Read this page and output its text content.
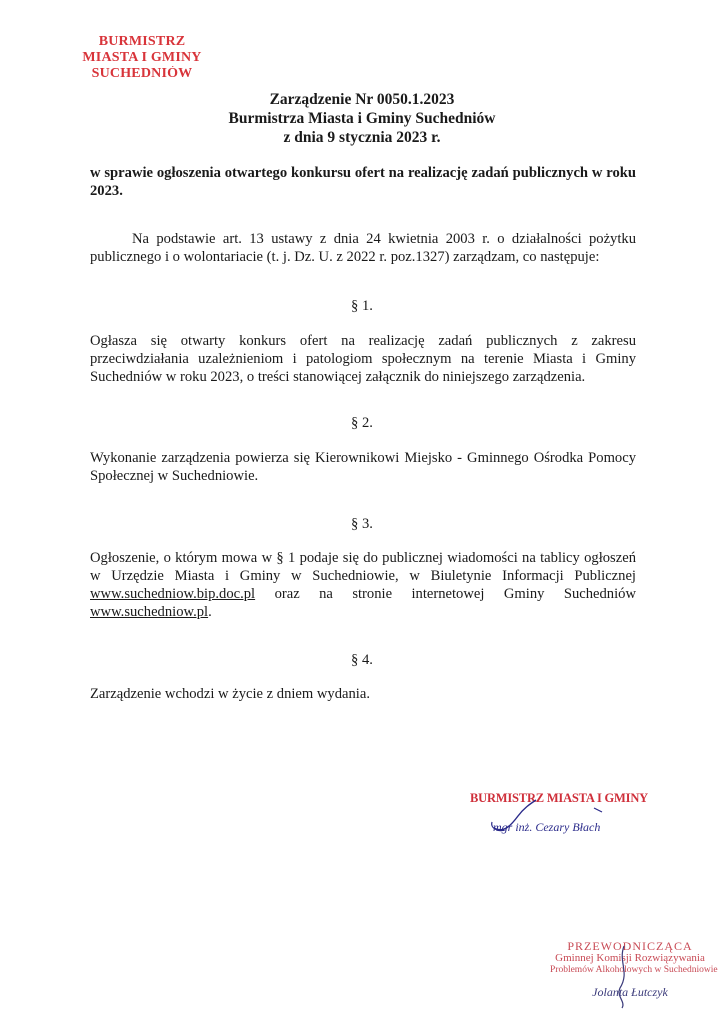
BURMISTRZ
MIASTA I GMINY
SUCHEDNIÓW
Zarządzenie Nr 0050.1.2023
Burmistrza Miasta i Gminy Suchedniów
z dnia 9 stycznia 2023 r.
w sprawie ogłoszenia otwartego konkursu ofert na realizację zadań publicznych w roku 2023.
Na podstawie art. 13 ustawy z dnia 24 kwietnia 2003 r. o działalności pożytku publicznego i o wolontariacie (t. j. Dz. U. z 2022 r. poz.1327) zarządzam, co następuje:
§ 1.
Ogłasza się otwarty konkurs ofert na realizację zadań publicznych z zakresu przeciwdziałania uzależnieniom i patologiom społecznym na terenie Miasta i Gminy Suchedniów w roku 2023, o treści stanowiącej załącznik do niniejszego zarządzenia.
§ 2.
Wykonanie zarządzenia powierza się Kierownikowi Miejsko - Gminnego Ośrodka Pomocy Społecznej w Suchedniowie.
§ 3.
Ogłoszenie, o którym mowa w § 1 podaje się do publicznej wiadomości na tablicy ogłoszeń
w Urzędzie Miasta i Gminy w Suchedniowie, w Biuletynie Informacji Publicznej
www.suchedniow.bip.doc.pl oraz na stronie internetowej Gminy Suchedniów
www.suchedniow.pl.
§ 4.
Zarządzenie wchodzi w życie z dniem wydania.
BURMISTRZ MIASTA I GMINY
mgr inż. Cezary Błach
PRZEWODNICZĄCA
Gminnej Komisji Rozwiązywania
Problemów Alkoholowych w Suchedniowie
Jolanta Łutczyk
